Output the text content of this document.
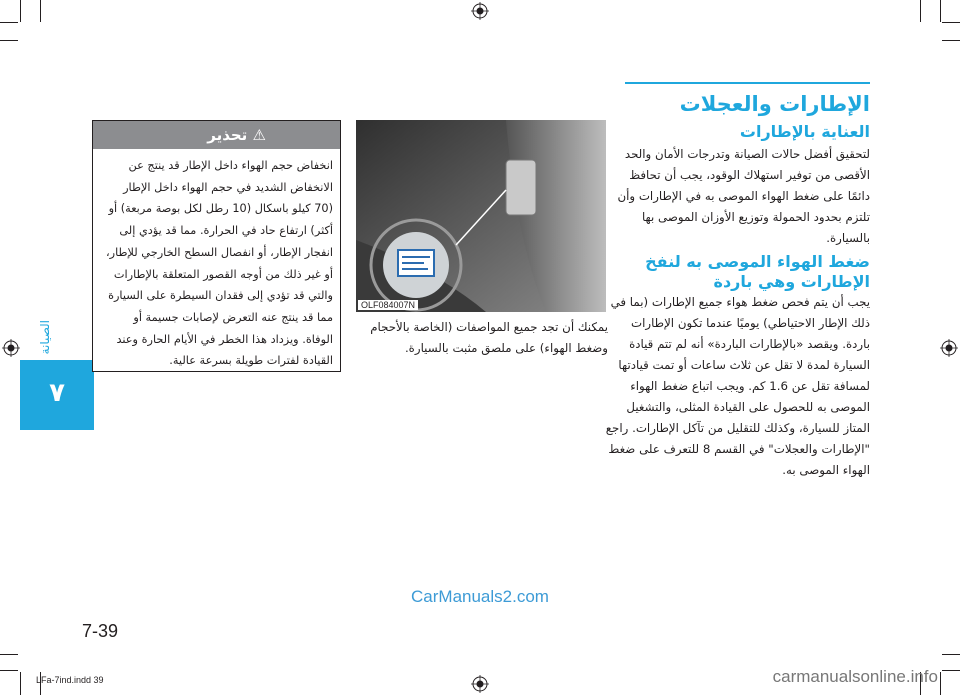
٧
الصيانة
الإطارات والعجلات
العناية بالإطارات
لتحقيق أفضل حالات الصيانة وتدرجات الأمان والحد الأقصى من توفير استهلاك الوقود، يجب أن تحافظ دائمًا على ضغط الهواء الموصى به في الإطارات وأن تلتزم بحدود الحمولة وتوزيع الأوزان الموصى بها بالسيارة.
ضغط الهواء الموصى به لنفخ الإطارات وهي باردة
يجب أن يتم فحص ضغط هواء جميع الإطارات (بما في ذلك الإطار الاحتياطي) يوميًا عندما تكون الإطارات باردة. ويقصد «بالإطارات الباردة» أنه لم تتم قيادة السيارة لمدة لا تقل عن ثلاث ساعات أو تمت قيادتها لمسافة تقل عن 1.6 كم. ويجب اتباع ضغط الهواء الموصى به للحصول على القيادة المثلى، والتشغيل المتاز للسيارة، وكذلك للتقليل من تآكل الإطارات. راجع "الإطارات والعجلات" في القسم 8 للتعرف على ضغط الهواء الموصى به.
OLF084007N
يمكنك أن تجد جميع المواصفات (الخاصة بالأحجام وضغط الهواء) على ملصق مثبت بالسيارة.
⚠ تحذير
انخفاض حجم الهواء داخل الإطار قد ينتج عن الانخفاض الشديد في حجم الهواء داخل الإطار (70 كيلو باسكال (10 رطل لكل بوصة مربعة) أو أكثر) ارتفاع حاد في الحرارة. مما قد يؤدي إلى انفجار الإطار، أو انفصال السطح الخارجي للإطار، أو غير ذلك من أوجه القصور المتعلقة بالإطارات والتي قد تؤدي إلى فقدان السيطرة على السيارة مما قد ينتج عنه التعرض لإصابات جسيمة أو الوفاة. ويزداد هذا الخطر في الأيام الحارة وعند القيادة لفترات طويلة بسرعة عالية.
CarManuals2.com
7-39
LFa-7ind.indd 39	carmanualsonline.info
